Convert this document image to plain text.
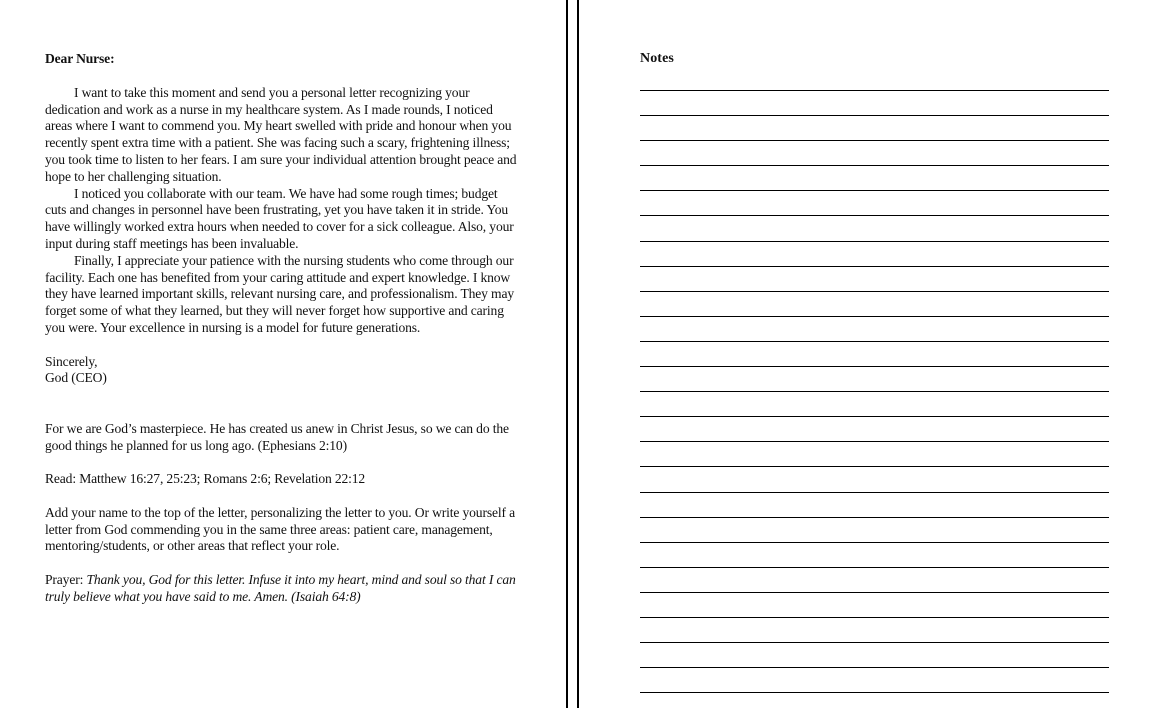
Dear Nurse:

I want to take this moment and send you a personal letter recognizing your dedication and work as a nurse in my healthcare system. As I made rounds, I noticed areas where I want to commend you. My heart swelled with pride and honour when you recently spent extra time with a patient. She was facing such a scary, frightening illness; you took time to listen to her fears. I am sure your individual attention brought peace and hope to her challenging situation.

I noticed you collaborate with our team. We have had some rough times; budget cuts and changes in personnel have been frustrating, yet you have taken it in stride. You have willingly worked extra hours when needed to cover for a sick colleague. Also, your input during staff meetings has been invaluable.

Finally, I appreciate your patience with the nursing students who come through our facility. Each one has benefited from your caring attitude and expert knowledge. I know they have learned important skills, relevant nursing care, and professionalism. They may forget some of what they learned, but they will never forget how supportive and caring you were. Your excellence in nursing is a model for future generations.

Sincerely,

God (CEO)

For we are God’s masterpiece. He has created us anew in Christ Jesus, so we can do the good things he planned for us long ago. (Ephesians 2:10)

Read: Matthew 16:27, 25:23; Romans 2:6; Revelation 22:12

Add your name to the top of the letter, personalizing the letter to you. Or write yourself a letter from God commending you in the same three areas: patient care, management, mentoring/students, or other areas that reflect your role.

Prayer: Thank you, God for this letter. Infuse it into my heart, mind and soul so that I can truly believe what you have said to me. Amen. (Isaiah 64:8)

Notes
